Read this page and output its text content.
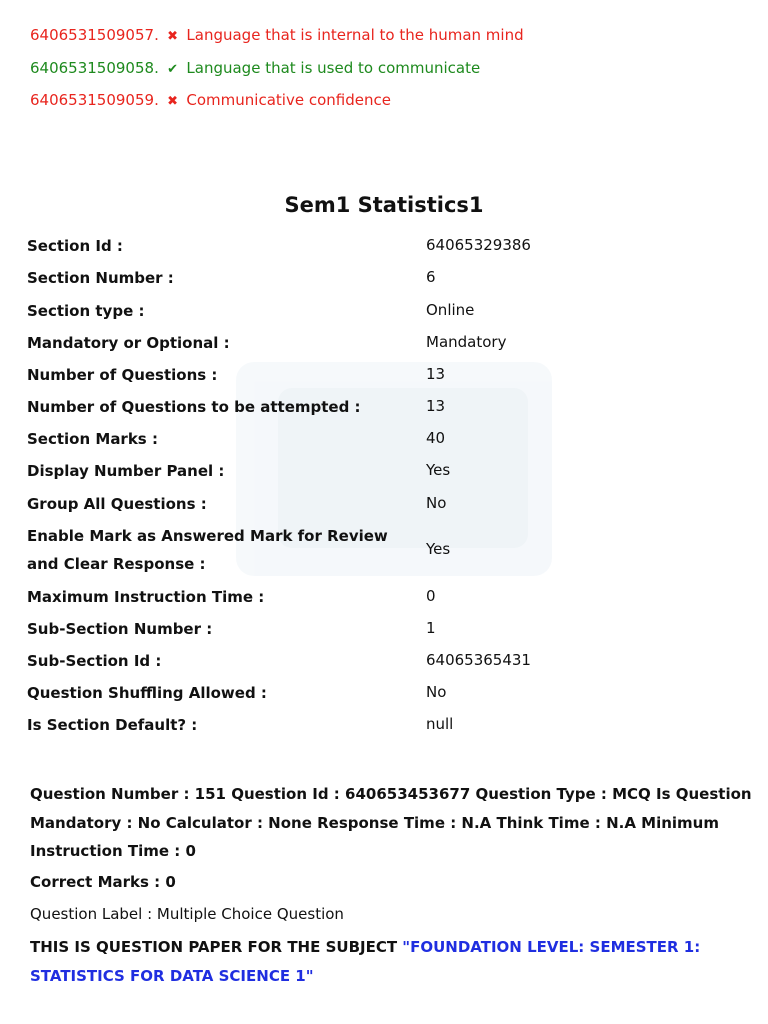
6406531509057. ✖ Language that is internal to the human mind
6406531509058. ✔ Language that is used to communicate
6406531509059. ✖ Communicative confidence
Sem1 Statistics1
Section Id :	64065329386
Section Number :	6
Section type :	Online
Mandatory or Optional :	Mandatory
Number of Questions :	13
Number of Questions to be attempted :	13
Section Marks :	40
Display Number Panel :	Yes
Group All Questions :	No
Enable Mark as Answered Mark for Review and Clear Response :
Yes
Maximum Instruction Time :	0
Sub-Section Number :	1
Sub-Section Id :	64065365431
Question Shuffling Allowed :	No
Is Section Default? :	null
Question Number : 151 Question Id : 640653453677 Question Type : MCQ Is Question Mandatory : No Calculator : None Response Time : N.A Think Time : N.A Minimum Instruction Time : 0
Correct Marks : 0
Question Label : Multiple Choice Question
THIS IS QUESTION PAPER FOR THE SUBJECT "FOUNDATION LEVEL: SEMESTER 1: STATISTICS FOR DATA SCIENCE 1"
